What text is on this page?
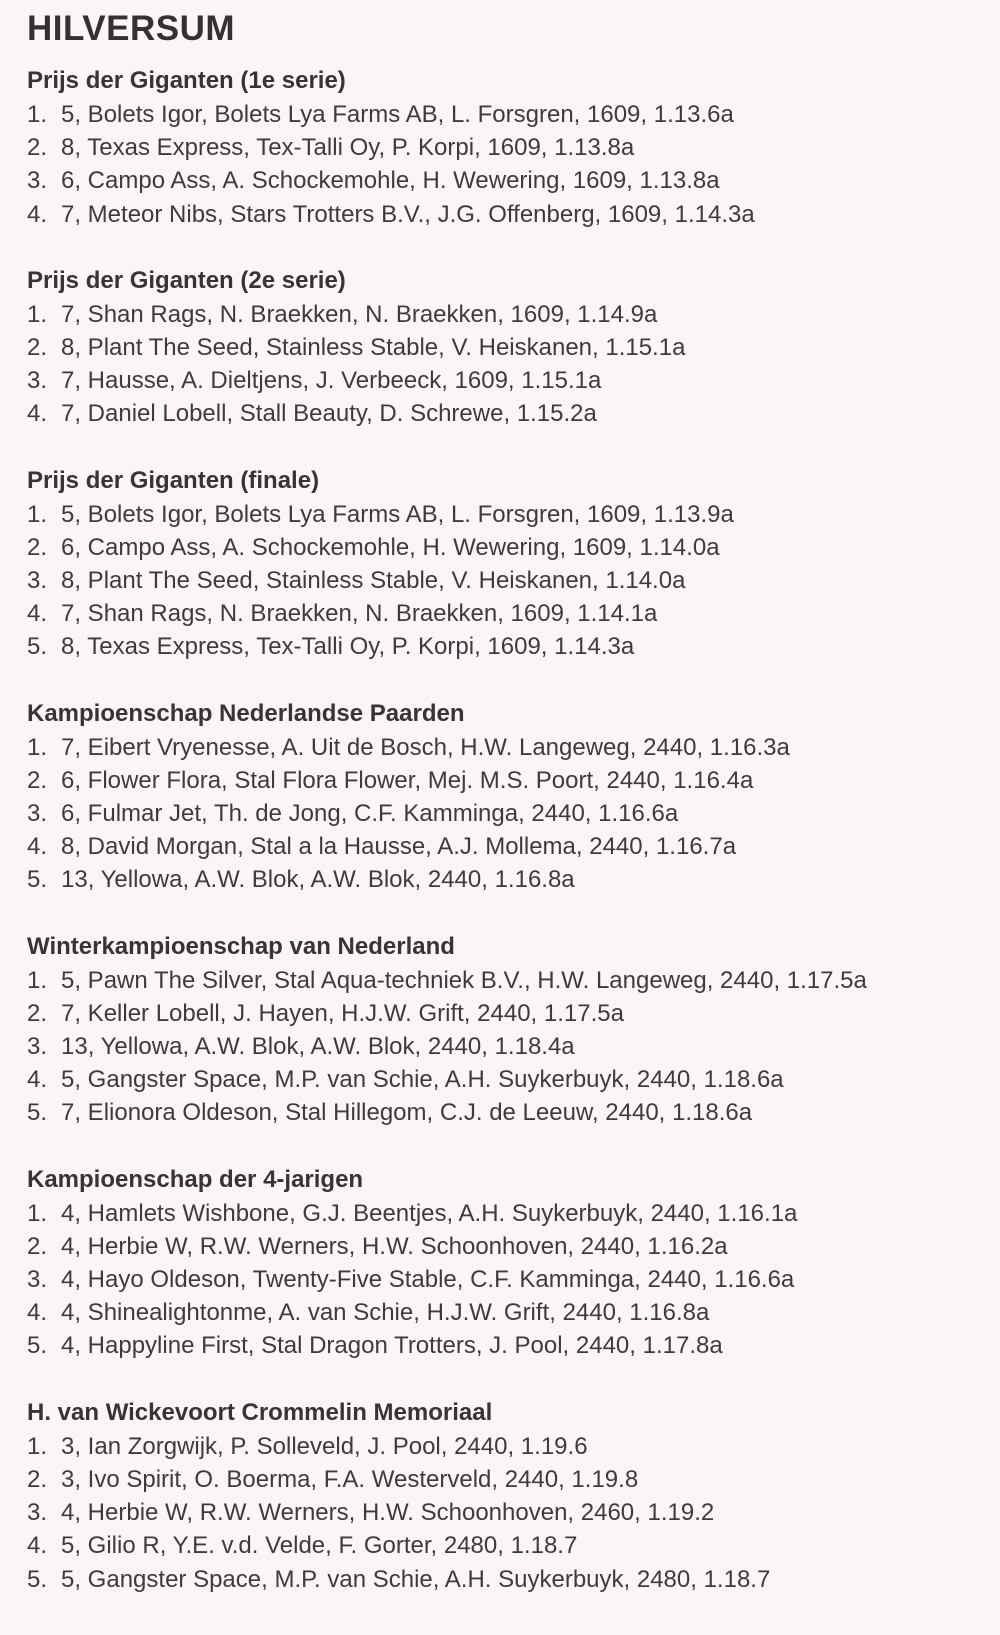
HILVERSUM
Prijs der Giganten (1e serie)
1. 5, Bolets Igor, Bolets Lya Farms AB, L. Forsgren, 1609, 1.13.6a
2. 8, Texas Express, Tex-Talli Oy, P. Korpi, 1609, 1.13.8a
3. 6, Campo Ass, A. Schockemohle, H. Wewering, 1609, 1.13.8a
4. 7, Meteor Nibs, Stars Trotters B.V., J.G. Offenberg, 1609, 1.14.3a
Prijs der Giganten (2e serie)
1. 7, Shan Rags, N. Braekken, N. Braekken, 1609, 1.14.9a
2. 8, Plant The Seed, Stainless Stable, V. Heiskanen, 1.15.1a
3. 7, Hausse, A. Dieltjens, J. Verbeeck, 1609, 1.15.1a
4. 7, Daniel Lobell, Stall Beauty, D. Schrewe, 1.15.2a
Prijs der Giganten (finale)
1. 5, Bolets Igor, Bolets Lya Farms AB, L. Forsgren, 1609, 1.13.9a
2. 6, Campo Ass, A. Schockemohle, H. Wewering, 1609, 1.14.0a
3. 8, Plant The Seed, Stainless Stable, V. Heiskanen, 1.14.0a
4. 7, Shan Rags, N. Braekken, N. Braekken, 1609, 1.14.1a
5. 8, Texas Express, Tex-Talli Oy, P. Korpi, 1609, 1.14.3a
Kampioenschap Nederlandse Paarden
1. 7, Eibert Vryenesse, A. Uit de Bosch, H.W. Langeweg, 2440, 1.16.3a
2. 6, Flower Flora, Stal Flora Flower, Mej. M.S. Poort, 2440, 1.16.4a
3. 6, Fulmar Jet, Th. de Jong, C.F. Kamminga, 2440, 1.16.6a
4. 8, David Morgan, Stal a la Hausse, A.J. Mollema, 2440, 1.16.7a
5. 13, Yellowa, A.W. Blok, A.W. Blok, 2440, 1.16.8a
Winterkampioenschap van Nederland
1. 5, Pawn The Silver, Stal Aqua-techniek B.V., H.W. Langeweg, 2440, 1.17.5a
2. 7, Keller Lobell, J. Hayen, H.J.W. Grift, 2440, 1.17.5a
3. 13, Yellowa, A.W. Blok, A.W. Blok, 2440, 1.18.4a
4. 5, Gangster Space, M.P. van Schie, A.H. Suykerbuyk, 2440, 1.18.6a
5. 7, Elionora Oldeson, Stal Hillegom, C.J. de Leeuw, 2440, 1.18.6a
Kampioenschap der 4-jarigen
1. 4, Hamlets Wishbone, G.J. Beentjes, A.H. Suykerbuyk, 2440, 1.16.1a
2. 4, Herbie W, R.W. Werners, H.W. Schoonhoven, 2440, 1.16.2a
3. 4, Hayo Oldeson, Twenty-Five Stable, C.F. Kamminga, 2440, 1.16.6a
4. 4, Shinealightonme, A. van Schie, H.J.W. Grift, 2440, 1.16.8a
5. 4, Happyline First, Stal Dragon Trotters, J. Pool, 2440, 1.17.8a
H. van Wickevoort Crommelin Memoriaal
1. 3, Ian Zorgwijk, P. Solleveld, J. Pool, 2440, 1.19.6
2. 3, Ivo Spirit, O. Boerma, F.A. Westerveld, 2440, 1.19.8
3. 4, Herbie W, R.W. Werners, H.W. Schoonhoven, 2460, 1.19.2
4. 5, Gilio R, Y.E. v.d. Velde, F. Gorter, 2480, 1.18.7
5. 5, Gangster Space, M.P. van Schie, A.H. Suykerbuyk, 2480, 1.18.7
